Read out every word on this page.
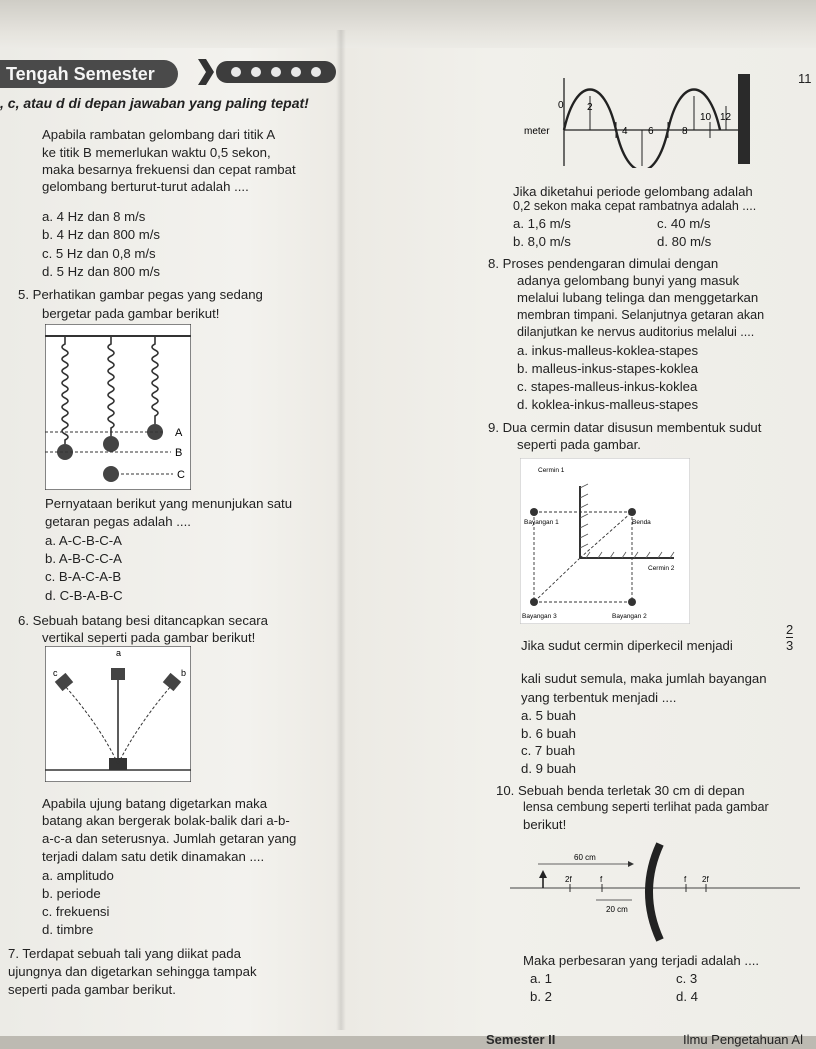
Tengah Semester
, c, atau d di depan jawaban yang paling tepat!
11
Apabila rambatan gelombang dari titik A
ke titik B memerlukan waktu 0,5 sekon,
maka besarnya frekuensi dan cepat rambat
gelombang berturut-turut adalah ....
a. 4 Hz dan 8 m/s
b. 4 Hz dan 800 m/s
c. 5 Hz dan 0,8 m/s
d. 5 Hz dan 800 m/s
5. Perhatikan gambar pegas yang sedang
bergetar pada gambar berikut!
A
B
C
Pernyataan berikut yang menunjukan satu
getaran pegas adalah ....
a. A-C-B-C-A
b. A-B-C-C-A
c. B-A-C-A-B
d. C-B-A-B-C
6. Sebuah batang besi ditancapkan secara
vertikal seperti pada gambar berikut!
a
c	b
Apabila ujung batang digetarkan maka
batang akan bergerak bolak-balik dari a-b-
a-c-a dan seterusnya. Jumlah getaran yang
terjadi dalam satu detik dinamakan ....
a. amplitudo
b. periode
c. frekuensi
d. timbre
7. Terdapat sebuah tali yang diikat pada
ujungnya dan digetarkan sehingga tampak
seperti pada gambar berikut.
meter
0 2
4 6	8
10 12
Jika diketahui periode gelombang adalah
0,2 sekon maka cepat rambatnya adalah ....
a. 1,6 m/s	c. 40 m/s
b. 8,0 m/s	d. 80 m/s
8. Proses pendengaran dimulai dengan
adanya gelombang bunyi yang masuk
melalui lubang telinga dan menggetarkan
membran timpani. Selanjutnya getaran akan
dilanjutkan ke nervus auditorius melalui ....
a. inkus-malleus-koklea-stapes
b. malleus-inkus-stapes-koklea
c. stapes-malleus-inkus-koklea
d. koklea-inkus-malleus-stapes
9. Dua cermin datar disusun membentuk sudut
seperti pada gambar.
Cermin 1
Bayangan 1	Benda
Cermin 2
Bayangan 3	Bayangan 2
Jika sudut cermin diperkecil menjadi	$\frac{2}{3}$
kali sudut semula, maka jumlah bayangan
yang terbentuk menjadi ....
a. 5 buah
b. 6 buah
c. 7 buah
d. 9 buah
10. Sebuah benda terletak 30 cm di depan
lensa cembung seperti terlihat pada gambar
berikut!
60 cm
20 cm
2f	f	f 2f
Maka perbesaran yang terjadi adalah ....
a. 1	c. 3
b. 2	d. 4
Semester II	Ilmu Pengetahuan Al
